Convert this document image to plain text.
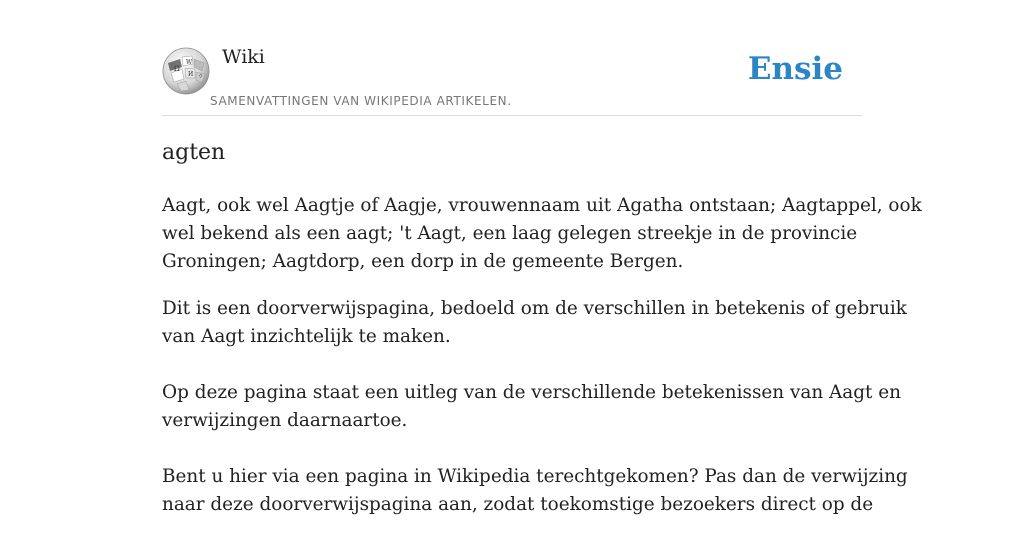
Ω
W
И ウ
Wiki
SAMENVATTINGEN VAN WIKIPEDIA ARTIKELEN.
Ensie
agten

Aagt, ook wel Aagtje of Aagje, vrouwennaam uit Agatha ontstaan; Aagtappel, ook
wel bekend als een aagt; 't Aagt, een laag gelegen streekje in de provincie
Groningen; Aagtdorp, een dorp in de gemeente Bergen.

Dit is een doorverwijspagina, bedoeld om de verschillen in betekenis of gebruik
van Aagt inzichtelijk te maken.

Op deze pagina staat een uitleg van de verschillende betekenissen van Aagt en
verwijzingen daarnaartoe.

Bent u hier via een pagina in Wikipedia terechtgekomen? Pas dan de verwijzing
naar deze doorverwijspagina aan, zodat toekomstige bezoekers direct op de
